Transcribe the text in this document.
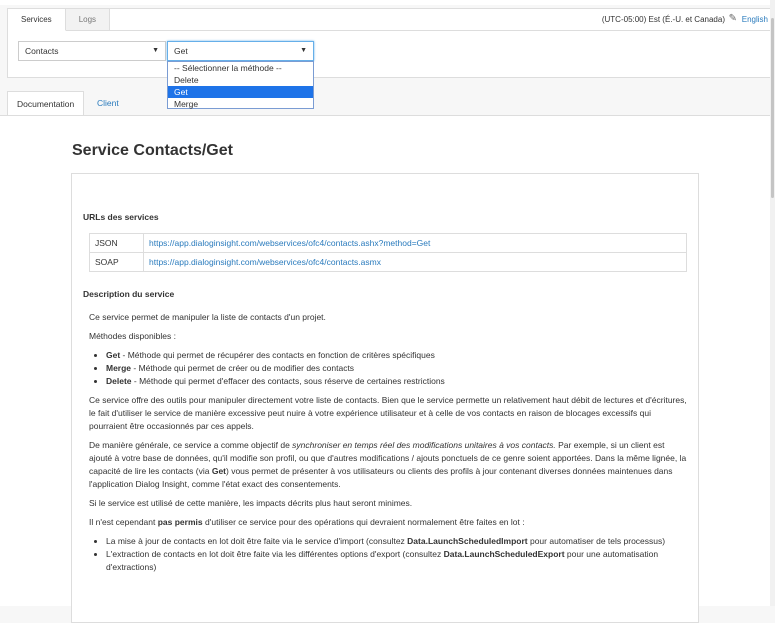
Services	Logs	(UTC-05:00) Est (É.-U. et Canada) ✎ English
Contacts	▼	Get	▼
-- Sélectionner la méthode --
Delete
Get
Merge
Documentation	Client
Service Contacts/Get
URLs des services
JSON	https://app.dialoginsight.com/webservices/ofc4/contacts.ashx?method=Get
SOAP	https://app.dialoginsight.com/webservices/ofc4/contacts.asmx
Description du service

Ce service permet de manipuler la liste de contacts d'un projet.

Méthodes disponibles :

• Get - Méthode qui permet de récupérer des contacts en fonction de critères spécifiques
• Merge - Méthode qui permet de créer ou de modifier des contacts
• Delete - Méthode qui permet d'effacer des contacts, sous réserve de certaines restrictions

Ce service offre des outils pour manipuler directement votre liste de contacts. Bien que le service permette un relativement haut débit de lectures et d'écritures, le fait d'utiliser le service de manière excessive peut nuire à votre expérience utilisateur et à celle de vos contacts en raison de blocages excessifs qui pourraient être occasionnés par ces appels.

De manière générale, ce service a comme objectif de synchroniser en temps réel des modifications unitaires à vos contacts. Par exemple, si un client est ajouté à votre base de données, qu'il modifie son profil, ou que d'autres modifications / ajouts ponctuels de ce genre soient apportées. Dans la même lignée, la capacité de lire les contacts (via Get) vous permet de présenter à vos utilisateurs ou clients des profils à jour contenant diverses données maintenues dans l'application Dialog Insight, comme l'état exact des consentements.

Si le service est utilisé de cette manière, les impacts décrits plus haut seront minimes.

Il n'est cependant pas permis d'utiliser ce service pour des opérations qui devraient normalement être faites en lot :

• La mise à jour de contacts en lot doit être faite via le service d'import (consultez Data.LaunchScheduledImport pour automatiser de tels processus)
• L'extraction de contacts en lot doit être faite via les différentes options d'export (consultez Data.LaunchScheduledExport pour une automatisation d'extractions)
